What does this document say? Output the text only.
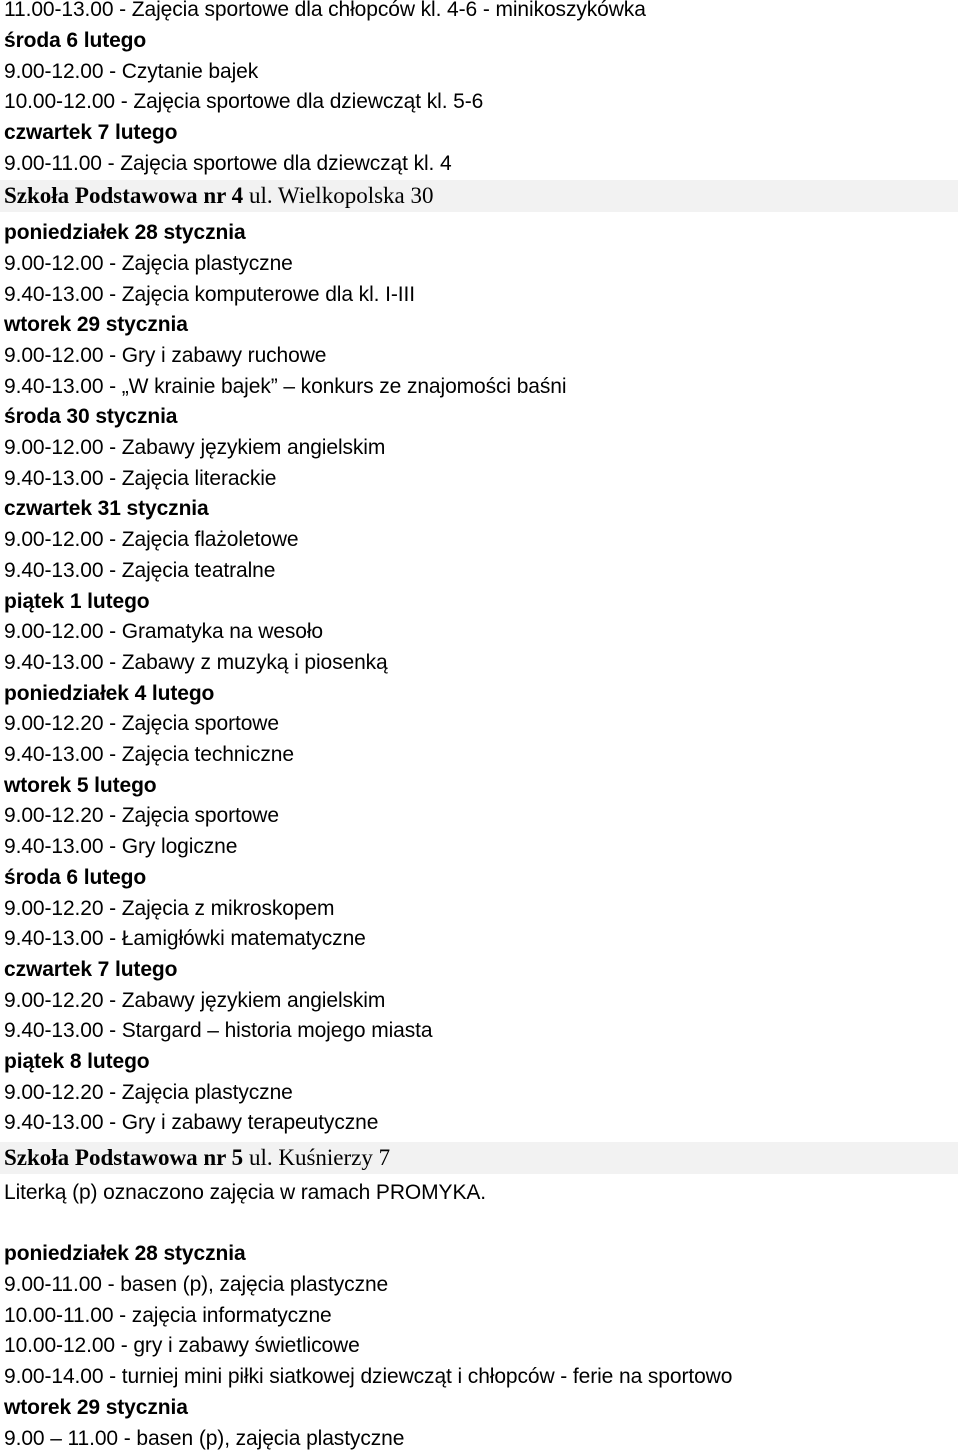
11.00-13.00 - Zajęcia sportowe dla chłopców kl. 4-6 - minikoszykówka
środa 6 lutego
9.00-12.00 - Czytanie bajek
10.00-12.00 - Zajęcia sportowe dla dziewcząt kl. 5-6
czwartek 7 lutego
9.00-11.00 - Zajęcia sportowe dla dziewcząt kl. 4
Szkoła Podstawowa nr 4 ul. Wielkopolska 30
poniedziałek 28 stycznia
9.00-12.00 - Zajęcia plastyczne
9.40-13.00 - Zajęcia komputerowe dla kl. I-III
wtorek 29 stycznia
9.00-12.00 - Gry i zabawy ruchowe
9.40-13.00 - „W krainie bajek” – konkurs ze znajomości baśni
środa 30 stycznia
9.00-12.00 - Zabawy językiem angielskim
9.40-13.00 - Zajęcia literackie
czwartek 31 stycznia
9.00-12.00 - Zajęcia flażoletowe
9.40-13.00 - Zajęcia teatralne
piątek 1 lutego
9.00-12.00 - Gramatyka na wesoło
9.40-13.00 - Zabawy z muzyką i piosenką
poniedziałek 4 lutego
9.00-12.20 - Zajęcia sportowe
9.40-13.00 - Zajęcia techniczne
wtorek 5 lutego
9.00-12.20 - Zajęcia sportowe
9.40-13.00 - Gry logiczne
środa 6 lutego
9.00-12.20 - Zajęcia z mikroskopem
9.40-13.00 - Łamigłówki matematyczne
czwartek 7 lutego
9.00-12.20 - Zabawy językiem angielskim
9.40-13.00 - Stargard – historia mojego miasta
piątek 8 lutego
9.00-12.20 - Zajęcia plastyczne
9.40-13.00 - Gry i zabawy terapeutyczne
Szkoła Podstawowa nr 5 ul. Kuśnierzy 7
Literką (p) oznaczono zajęcia w ramach PROMYKA.
poniedziałek 28 stycznia
9.00-11.00 - basen (p), zajęcia plastyczne
10.00-11.00 - zajęcia informatyczne
10.00-12.00 - gry i zabawy świetlicowe
9.00-14.00 - turniej mini piłki siatkowej dziewcząt i chłopców - ferie na sportowo
wtorek 29 stycznia
9.00 – 11.00 - basen (p), zajęcia plastyczne
